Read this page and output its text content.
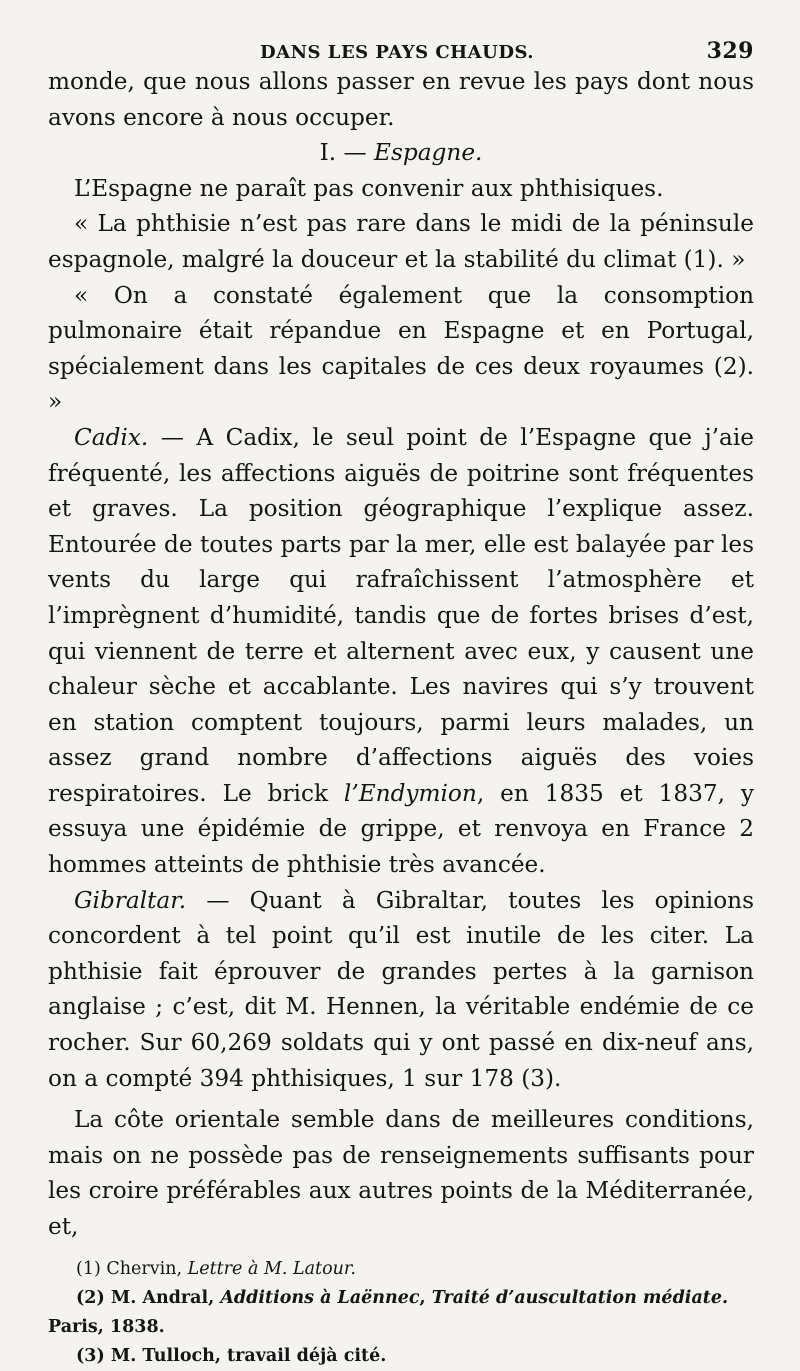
DANS LES PAYS CHAUDS.	329

monde, que nous allons passer en revue les pays dont nous avons encore à nous occuper.

I. — Espagne.

L’Espagne ne paraît pas convenir aux phthisiques.

« La phthisie n’est pas rare dans le midi de la péninsule espagnole, malgré la douceur et la stabilité du climat (1). »

« On a constaté également que la consomption pulmonaire était répandue en Espagne et en Portugal, spécialement dans les capitales de ces deux royaumes (2). »

Cadix. — A Cadix, le seul point de l’Espagne que j’aie fréquenté, les affections aiguës de poitrine sont fréquentes et graves. La position géographique l’explique assez. Entourée de toutes parts par la mer, elle est balayée par les vents du large qui rafraîchissent l’atmosphère et l’imprègnent d’humidité, tandis que de fortes brises d’est, qui viennent de terre et alternent avec eux, y causent une chaleur sèche et accablante. Les navires qui s’y trouvent en station comptent toujours, parmi leurs malades, un assez grand nombre d’affections aiguës des voies respiratoires. Le brick l’Endymion, en 1835 et 1837, y essuya une épidémie de grippe, et renvoya en France 2 hommes atteints de phthisie très avancée.

Gibraltar. — Quant à Gibraltar, toutes les opinions concordent à tel point qu’il est inutile de les citer. La phthisie fait éprouver de grandes pertes à la garnison anglaise ; c’est, dit M. Hennen, la véritable endémie de ce rocher. Sur 60,269 soldats qui y ont passé en dix-neuf ans, on a compté 394 phthisiques, 1 sur 178 (3).

La côte orientale semble dans de meilleures conditions, mais on ne possède pas de renseignements suffisants pour les croire préférables aux autres points de la Méditerranée, et,

(1) Chervin, Lettre à M. Latour.

(2) M. Andral, Additions à Laënnec, Traité d’auscultation médiate.

Paris, 1838.

(3) M. Tulloch, travail déjà cité.
